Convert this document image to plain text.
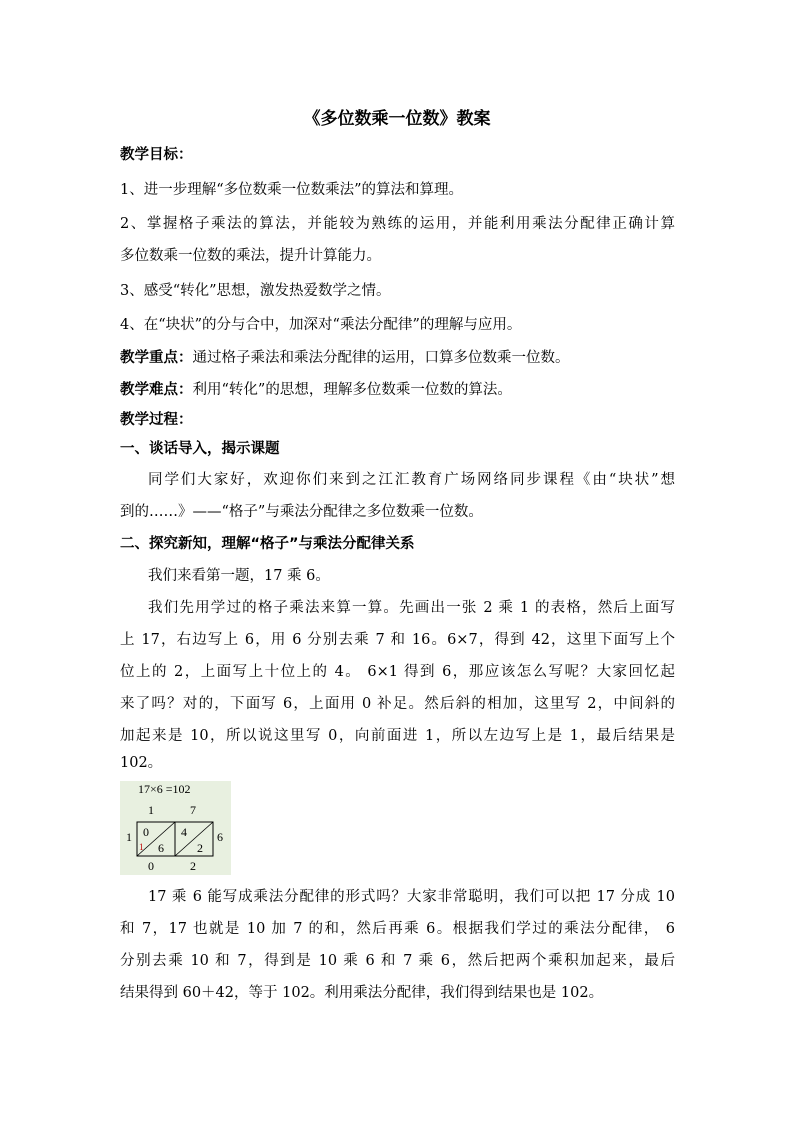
《多位数乘一位数》教案
教学目标：
1、进一步理解“多位数乘一位数乘法”的算法和算理。
2、掌握格子乘法的算法，并能较为熟练的运用，并能利用乘法分配律正确计算
多位数乘一位数的乘法，提升计算能力。
3、感受“转化”思想，激发热爱数学之情。
4、在“块状”的分与合中，加深对“乘法分配律”的理解与应用。
教学重点：通过格子乘法和乘法分配律的运用，口算多位数乘一位数。
教学难点：利用“转化”的思想，理解多位数乘一位数的算法。
教学过程：
一、谈话导入，揭示课题
同学们大家好，欢迎你们来到之江汇教育广场网络同步课程《由“块状”想
到的……》——“格子”与乘法分配律之多位数乘一位数。
二、探究新知，理解“格子”与乘法分配律关系
我们来看第一题，17 乘 6。
我们先用学过的格子乘法来算一算。先画出一张 2 乘 1 的表格，然后上面写
上 17，右边写上 6，用 6 分别去乘 7 和 16。6×7，得到 42，这里下面写上个
位上的 2，上面写上十位上的 4。 6×1 得到 6，那应该怎么写呢？大家回忆起
来了吗？对的，下面写 6，上面用 0 补足。然后斜的相加，这里写 2，中间斜的
加起来是 10，所以说这里写 0，向前面进 1，所以左边写上是 1，最后结果是
102。
17×6 =102
1	7
1	6
0
6
4
2
1
0	2
17 乘 6 能写成乘法分配律的形式吗？大家非常聪明，我们可以把 17 分成 10
和 7，17 也就是 10 加 7 的和，然后再乘 6。根据我们学过的乘法分配律， 6
分别去乘 10 和 7，得到是 10 乘 6 和 7 乘 6，然后把两个乘积加起来，最后
结果得到 60＋42，等于 102。利用乘法分配律，我们得到结果也是 102。
